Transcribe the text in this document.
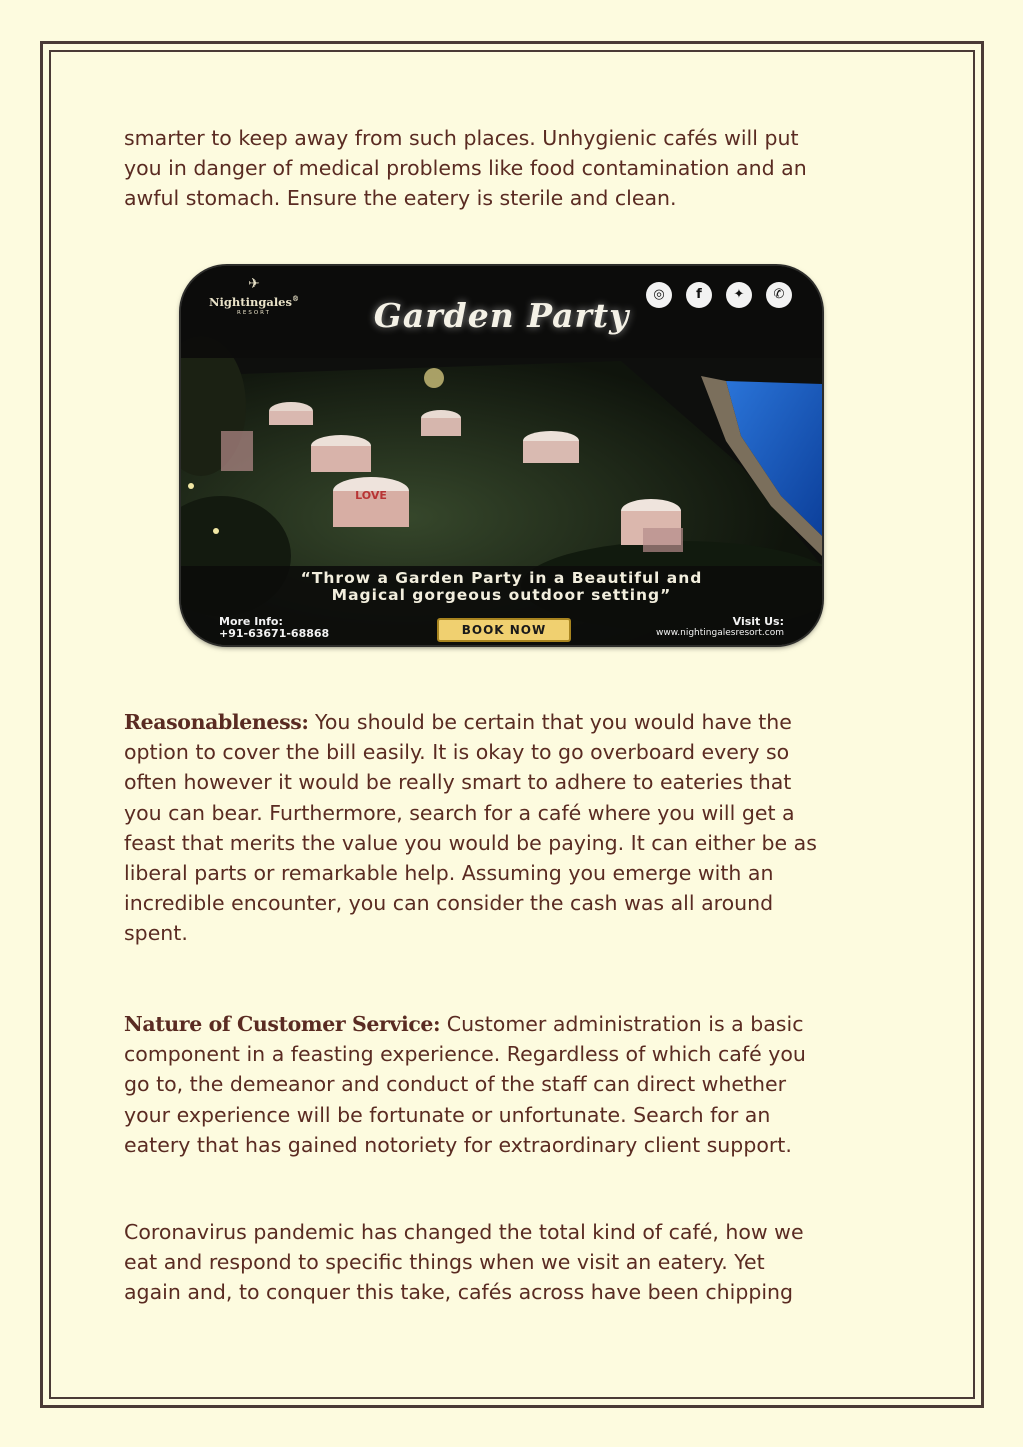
smarter to keep away from such places. Unhygienic cafés will put
you in danger of medical problems like food contamination and an
awful stomach. Ensure the eatery is sterile and clean.

LOVE
✈
Nightingales®
RESORT
◎	f	✦	✆
Garden Party
“Throw a Garden Party in a Beautiful and
Magical gorgeous outdoor setting”
More Info:
+91-63671-68868	BOOK NOW
Visit Us:
www.nightingalesresort.com

Reasonableness: You should be certain that you would have the
option to cover the bill easily. It is okay to go overboard every so
often however it would be really smart to adhere to eateries that
you can bear. Furthermore, search for a café where you will get a
feast that merits the value you would be paying. It can either be as
liberal parts or remarkable help. Assuming you emerge with an
incredible encounter, you can consider the cash was all around
spent.

Nature of Customer Service: Customer administration is a basic
component in a feasting experience. Regardless of which café you
go to, the demeanor and conduct of the staff can direct whether
your experience will be fortunate or unfortunate. Search for an
eatery that has gained notoriety for extraordinary client support.

Coronavirus pandemic has changed the total kind of café, how we
eat and respond to specific things when we visit an eatery. Yet
again and, to conquer this take, cafés across have been chipping
